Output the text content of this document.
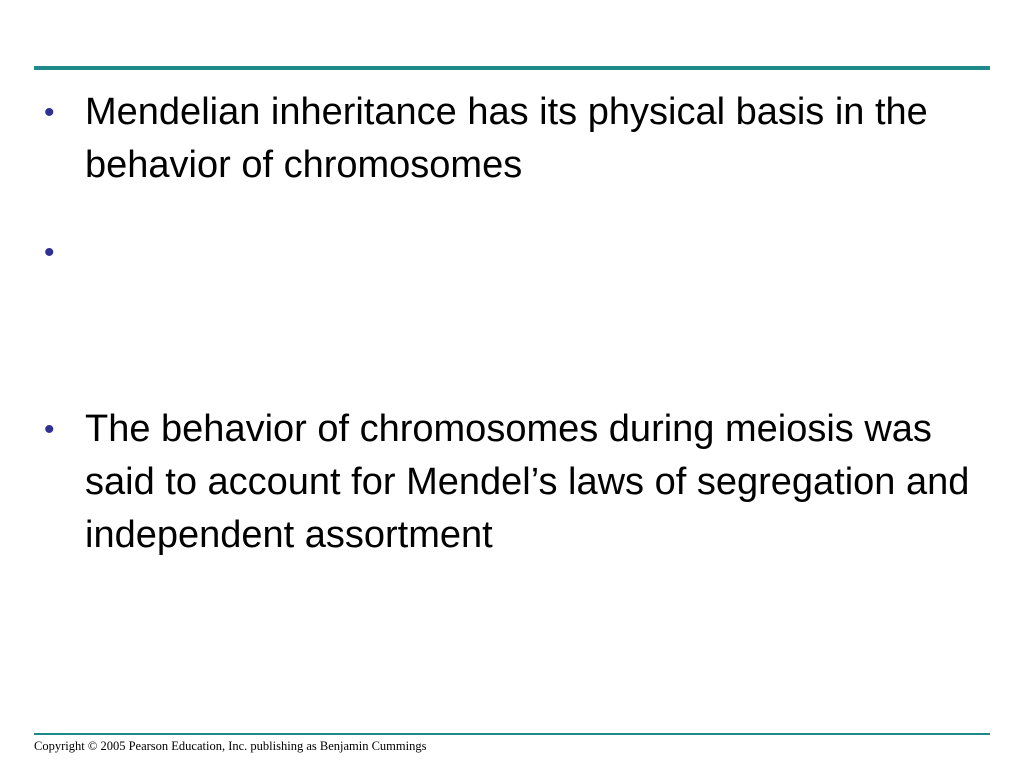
• Mendelian inheritance has its physical basis in the behavior of chromosomes
•
• The behavior of chromosomes during meiosis was said to account for Mendel’s laws of segregation and independent assortment
Copyright © 2005 Pearson Education, Inc. publishing as Benjamin Cummings
